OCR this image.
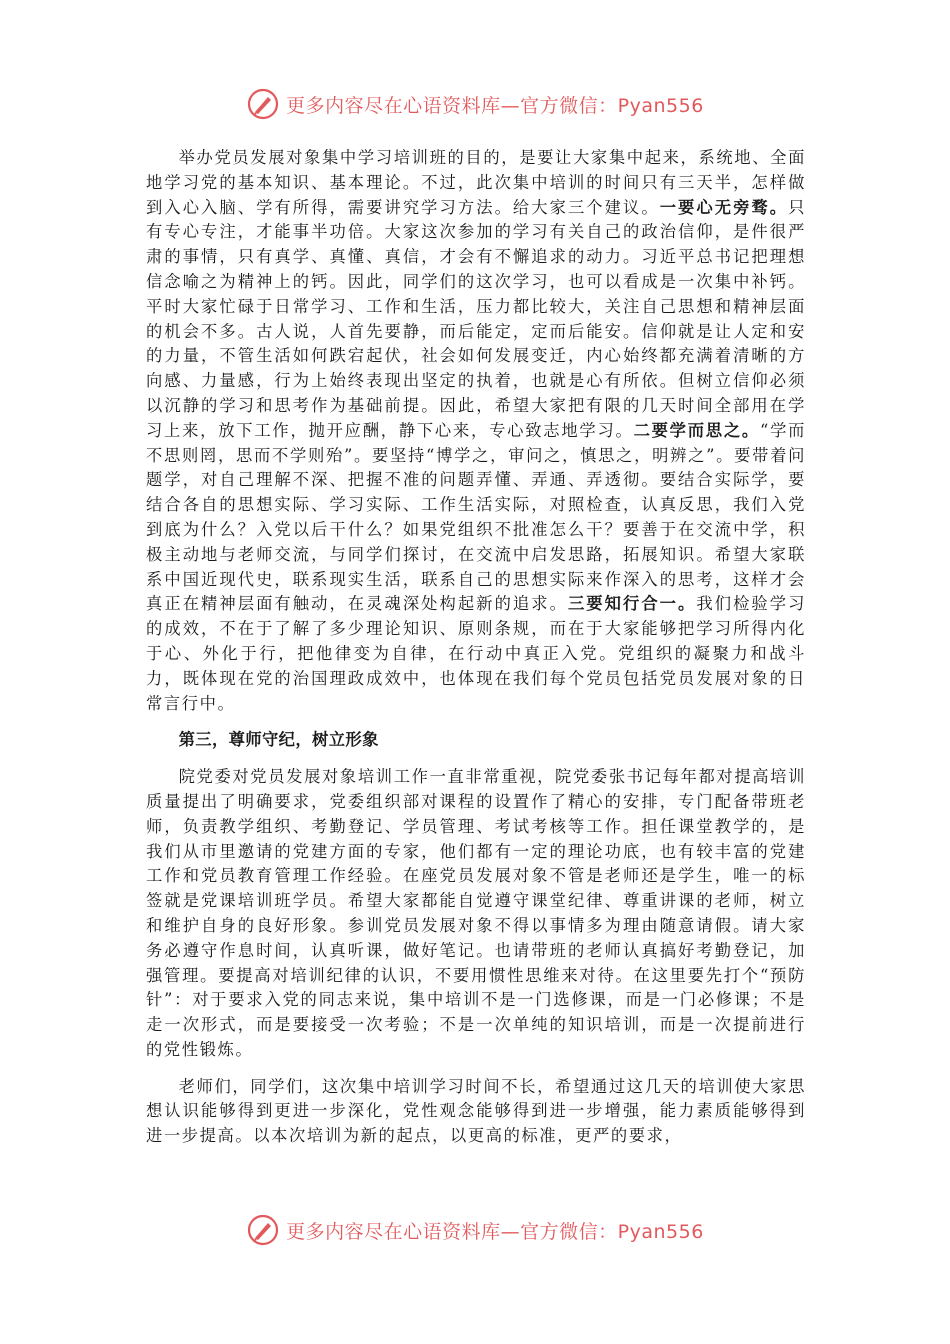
更多内容尽在心语资料库—官方微信：Pyan556

举办党员发展对象集中学习培训班的目的，是要让大家集中起来，系统地、全面地学习党的基本知识、基本理论。不过，此次集中培训的时间只有三天半，怎样做到入心入脑、学有所得，需要讲究学习方法。给大家三个建议。一要心无旁骛。只有专心专注，才能事半功倍。大家这次参加的学习有关自己的政治信仰，是件很严肃的事情，只有真学、真懂、真信，才会有不懈追求的动力。习近平总书记把理想信念喻之为精神上的钙。因此，同学们的这次学习，也可以看成是一次集中补钙。平时大家忙碌于日常学习、工作和生活，压力都比较大，关注自己思想和精神层面的机会不多。古人说，人首先要静，而后能定，定而后能安。信仰就是让人定和安的力量，不管生活如何跌宕起伏，社会如何发展变迁，内心始终都充满着清晰的方向感、力量感，行为上始终表现出坚定的执着，也就是心有所依。但树立信仰必须以沉静的学习和思考作为基础前提。因此，希望大家把有限的几天时间全部用在学习上来，放下工作，抛开应酬，静下心来，专心致志地学习。二要学而思之。“学而不思则罔，思而不学则殆”。要坚持“博学之，审问之，慎思之，明辨之”。要带着问题学，对自己理解不深、把握不准的问题弄懂、弄通、弄透彻。要结合实际学，要结合各自的思想实际、学习实际、工作生活实际，对照检查，认真反思，我们入党到底为什么？入党以后干什么？如果党组织不批准怎么干？要善于在交流中学，积极主动地与老师交流，与同学们探讨，在交流中启发思路，拓展知识。希望大家联系中国近现代史，联系现实生活，联系自己的思想实际来作深入的思考，这样才会真正在精神层面有触动，在灵魂深处构起新的追求。三要知行合一。我们检验学习的成效，不在于了解了多少理论知识、原则条规，而在于大家能够把学习所得内化于心、外化于行，把他律变为自律，在行动中真正入党。党组织的凝聚力和战斗力，既体现在党的治国理政成效中，也体现在我们每个党员包括党员发展对象的日常言行中。

第三，尊师守纪，树立形象

院党委对党员发展对象培训工作一直非常重视，院党委张书记每年都对提高培训质量提出了明确要求，党委组织部对课程的设置作了精心的安排，专门配备带班老师，负责教学组织、考勤登记、学员管理、考试考核等工作。担任课堂教学的，是我们从市里邀请的党建方面的专家，他们都有一定的理论功底，也有较丰富的党建工作和党员教育管理工作经验。在座党员发展对象不管是老师还是学生，唯一的标签就是党课培训班学员。希望大家都能自觉遵守课堂纪律、尊重讲课的老师，树立和维护自身的良好形象。参训党员发展对象不得以事情多为理由随意请假。请大家务必遵守作息时间，认真听课，做好笔记。也请带班的老师认真搞好考勤登记，加强管理。要提高对培训纪律的认识，不要用惯性思维来对待。在这里要先打个“预防针”：对于要求入党的同志来说，集中培训不是一门选修课，而是一门必修课；不是走一次形式，而是要接受一次考验；不是一次单纯的知识培训，而是一次提前进行的党性锻炼。

老师们，同学们，这次集中培训学习时间不长，希望通过这几天的培训使大家思想认识能够得到更进一步深化，党性观念能够得到进一步增强，能力素质能够得到进一步提高。以本次培训为新的起点，以更高的标准，更严的要求，

更多内容尽在心语资料库—官方微信：Pyan556
